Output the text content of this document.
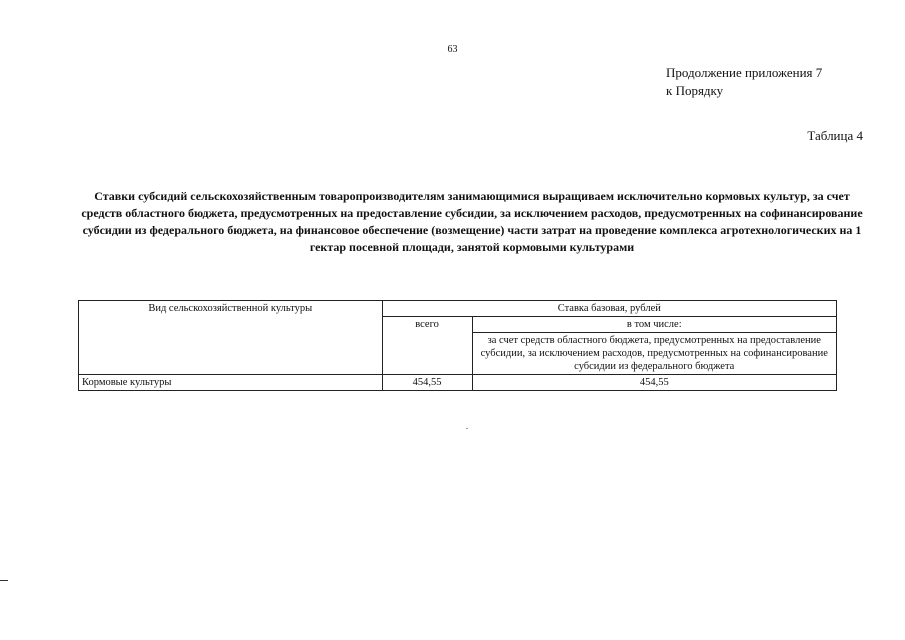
63
Продолжение приложения 7
к Порядку
Таблица 4
Ставки субсидий сельскохозяйственным товаропроизводителям занимающимися выращиваем исключительно кормовых культур, за счет средств областного бюджета, предусмотренных на предоставление субсидии, за исключением расходов, предусмотренных на софинансирование субсидии из федерального бюджета, на финансовое обеспечение (возмещение) части затрат на проведение комплекса агротехнологических на 1 гектар посевной площади, занятой кормовыми культурами
Вид сельскохозяйственной культуры	Ставка базовая, рублей	
	всего	в том числе:
		за счет средств областного бюджета, предусмотренных на предоставление субсидии, за исключением расходов, предусмотренных на софинансирование субсидии из федерального бюджета
Кормовые культуры	454,55	454,55
